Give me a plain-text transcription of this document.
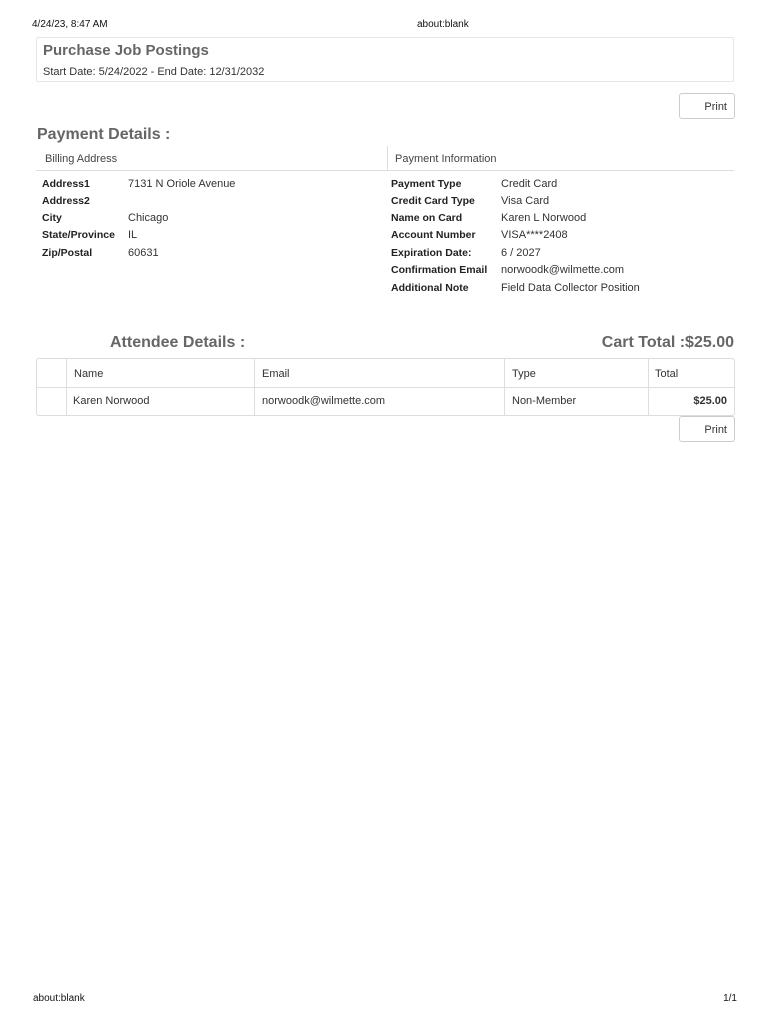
4/24/23, 8:47 AM	about:blank
Purchase Job Postings
Start Date: 5/24/2022 - End Date: 12/31/2032
Print
Payment Details :
Billing Address	Payment Information
Address1	7131 N Oriole Avenue
Address2
City	Chicago
State/Province IL
Zip/Postal	60631
Payment Type	Credit Card
Credit Card Type Visa Card
Name on Card	Karen L Norwood
Account Number VISA****2408
Expiration Date:	6 / 2027
Confirmation Email norwoodk@wilmette.com
Additional Note	Field Data Collector Position
Attendee Details :	Cart Total :$25.00
Name	Email	Type	Total
Karen Norwood	norwoodk@wilmette.com	Non-Member	$25.00
Print
about:blank	1/1
